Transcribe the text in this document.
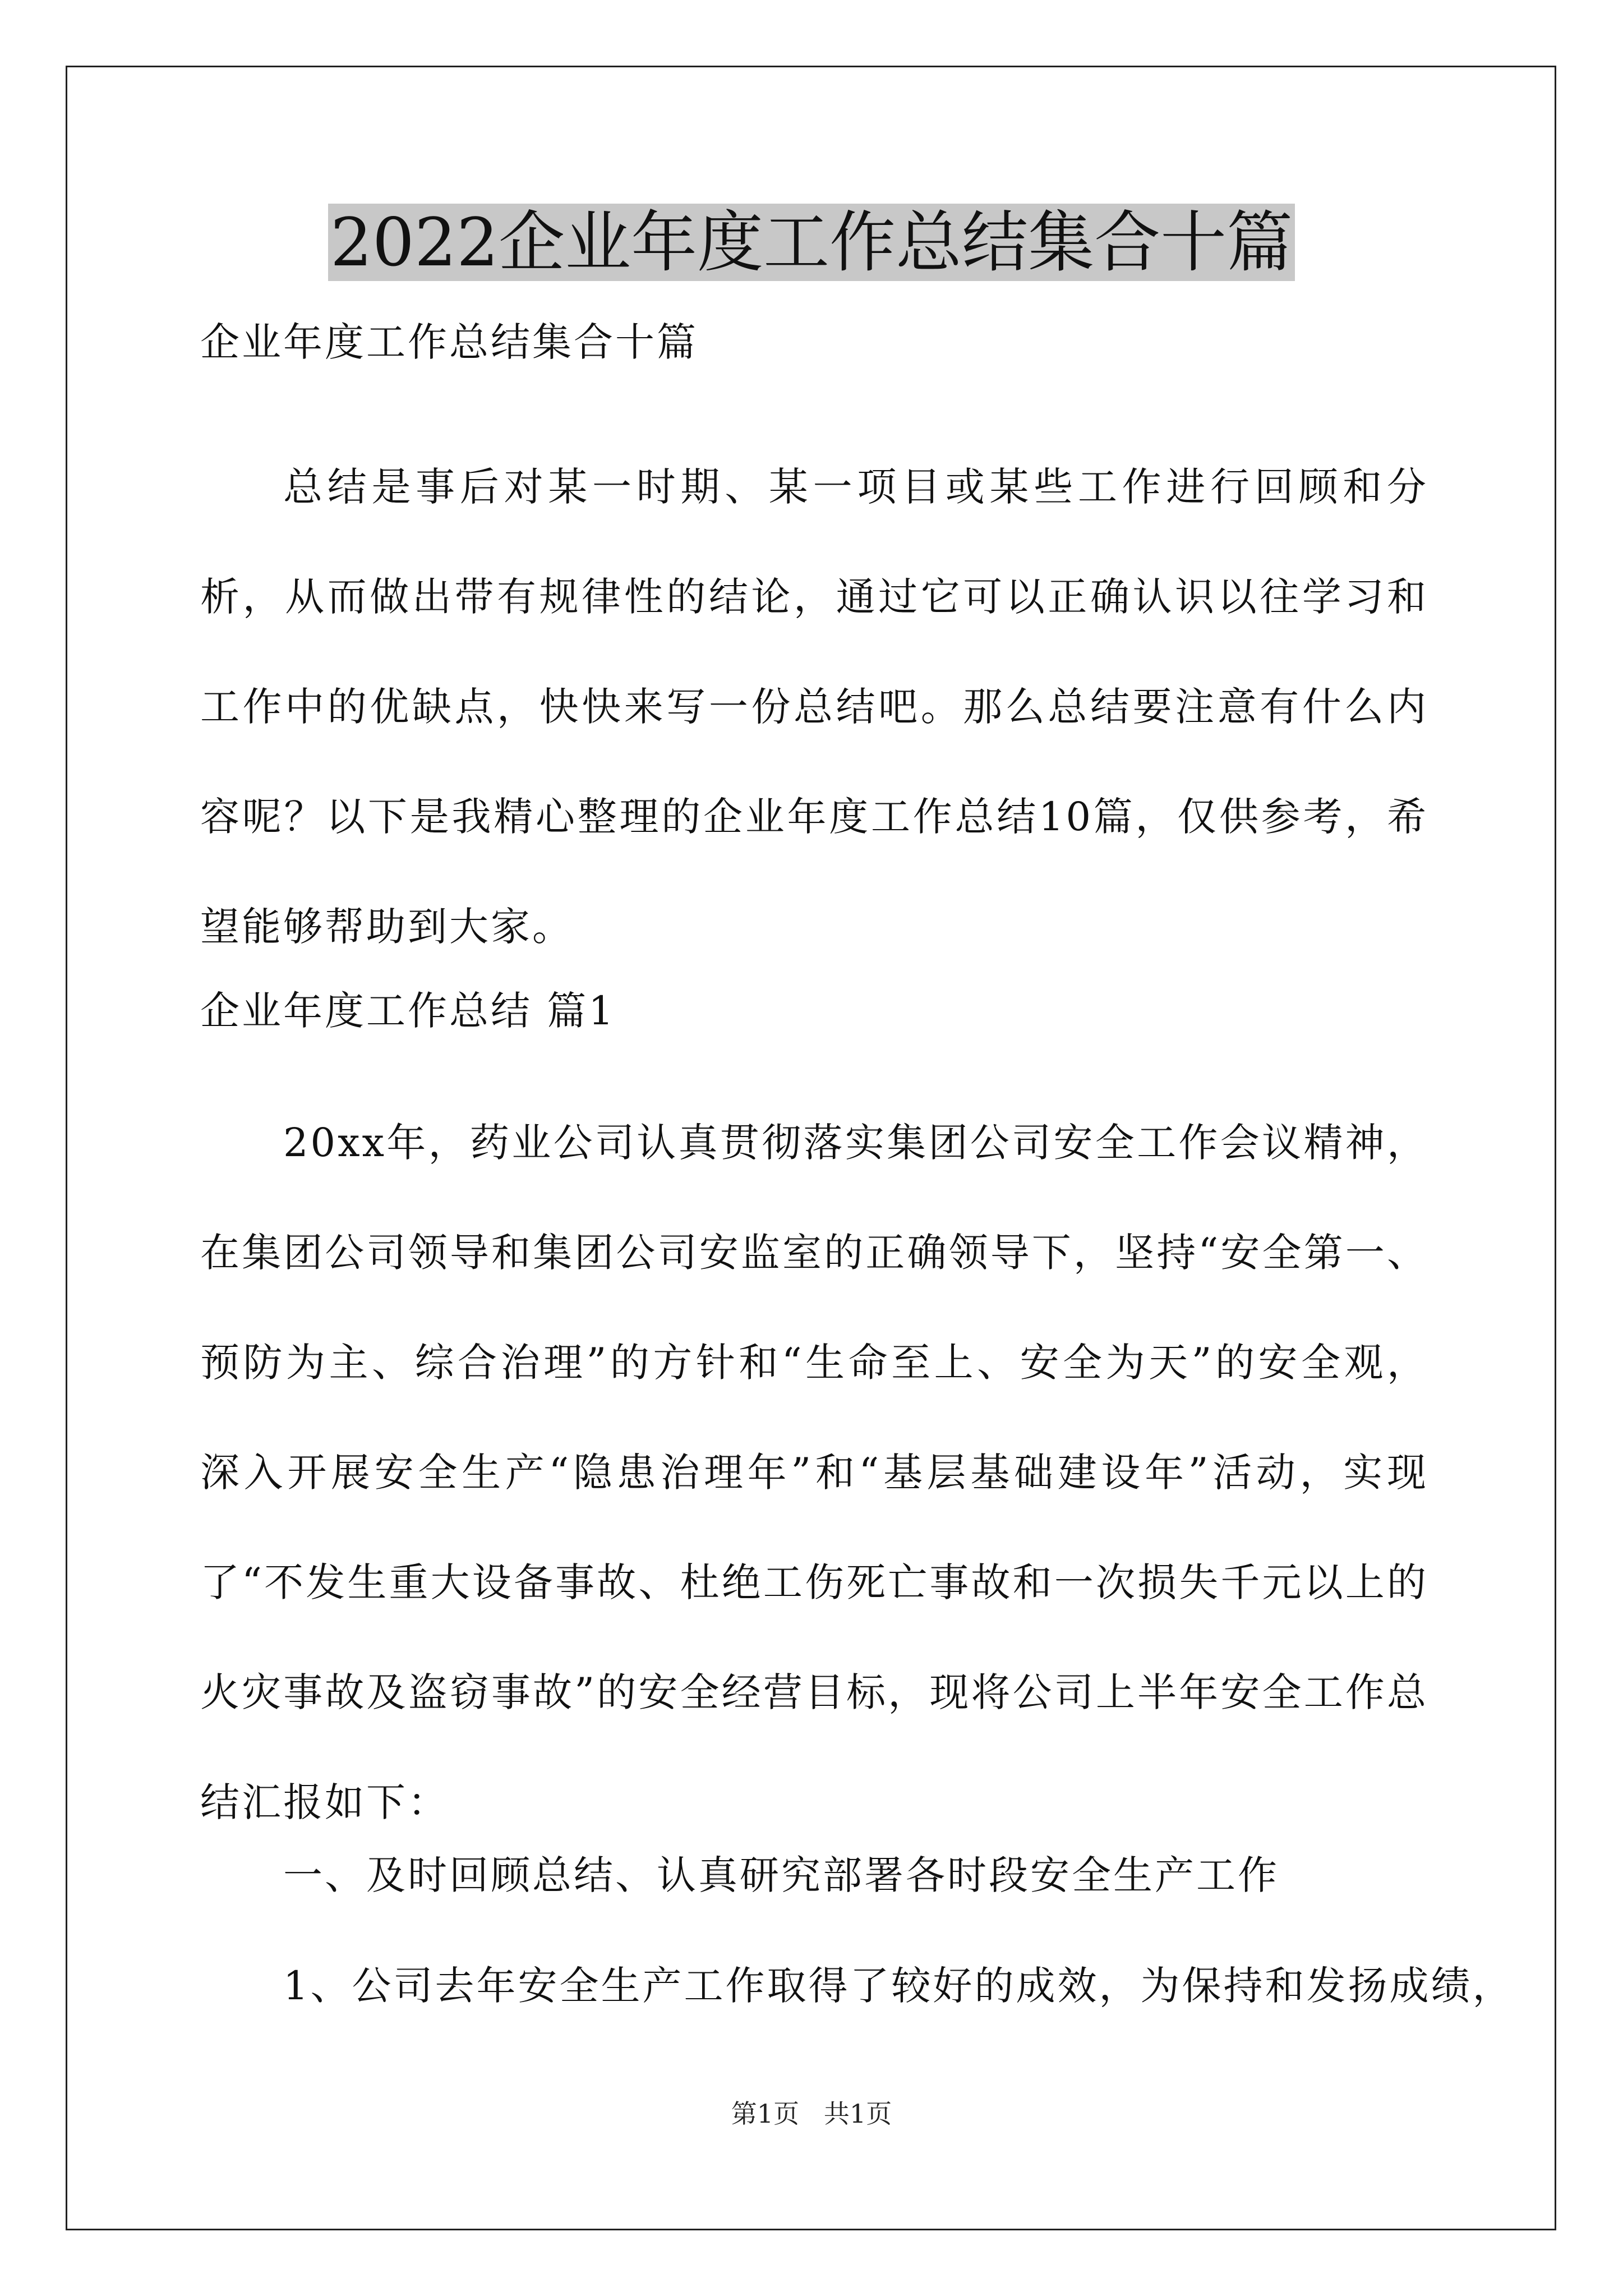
2022企业年度工作总结集合十篇

企业年度工作总结集合十篇

总结是事后对某一时期、某一项目或某些工作进行回顾和分析，从而做出带有规律性的结论，通过它可以正确认识以往学习和工作中的优缺点，快快来写一份总结吧。那么总结要注意有什么内容呢？以下是我精心整理的企业年度工作总结10篇，仅供参考，希望能够帮助到大家。

企业年度工作总结 篇1

20xx年，药业公司认真贯彻落实集团公司安全工作会议精神，在集团公司领导和集团公司安监室的正确领导下，坚持“安全第一、预防为主、综合治理”的方针和“生命至上、安全为天”的安全观，深入开展安全生产“隐患治理年”和“基层基础建设年”活动，实现了“不发生重大设备事故、杜绝工伤死亡事故和一次损失千元以上的火灾事故及盗窃事故”的安全经营目标，现将公司上半年安全工作总结汇报如下：

一、及时回顾总结、认真研究部署各时段安全生产工作

1、公司去年安全生产工作取得了较好的成效，为保持和发扬成绩，

第1页   共1页
